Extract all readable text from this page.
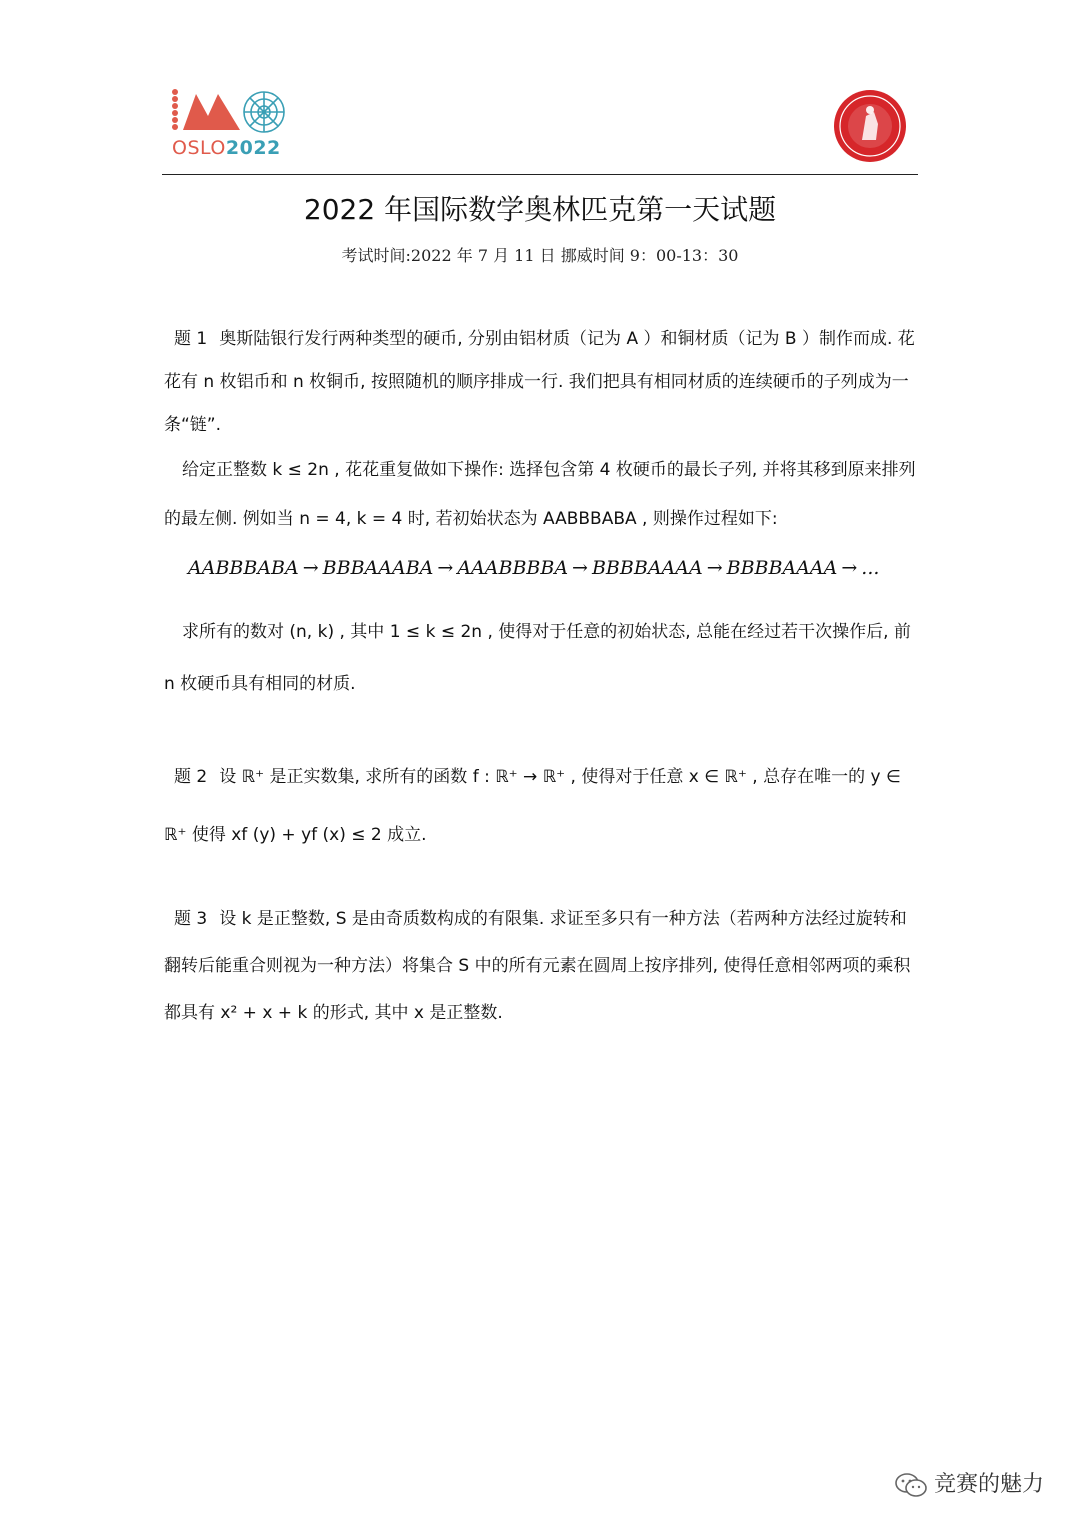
OSLO2022
2022 年国际数学奥林匹克第一天试题
考试时间:2022 年 7 月 11 日 挪威时间 9：00-13：30
题 1 奥斯陆银行发行两种类型的硬币, 分别由铝材质（记为 A ）和铜材质（记为 B ）制作而成. 花花有 n 枚铝币和 n 枚铜币, 按照随机的顺序排成一行. 我们把具有相同材质的连续硬币的子列成为一条“链”.
给定正整数 k ≤ 2n , 花花重复做如下操作: 选择包含第 4 枚硬币的最长子列, 并将其移到原来排列的最左侧. 例如当 n = 4, k = 4 时, 若初始状态为 AABBBABA , 则操作过程如下:
AABBBABA → BBBAAABA → AAABBBBA → BBBBAAAA → BBBBAAAA → ...
求所有的数对 (n, k) , 其中 1 ≤ k ≤ 2n , 使得对于任意的初始状态, 总能在经过若干次操作后, 前 n 枚硬币具有相同的材质.
题 2 设 ℝ⁺ 是正实数集, 求所有的函数 f : ℝ⁺ → ℝ⁺ , 使得对于任意 x ∈ ℝ⁺ , 总存在唯一的 y ∈ ℝ⁺ 使得 xf (y) + yf (x) ≤ 2 成立.
题 3 设 k 是正整数, S 是由奇质数构成的有限集. 求证至多只有一种方法（若两种方法经过旋转和翻转后能重合则视为一种方法）将集合 S 中的所有元素在圆周上按序排列, 使得任意相邻两项的乘积都具有 x² + x + k 的形式, 其中 x 是正整数.
竞赛的魅力
